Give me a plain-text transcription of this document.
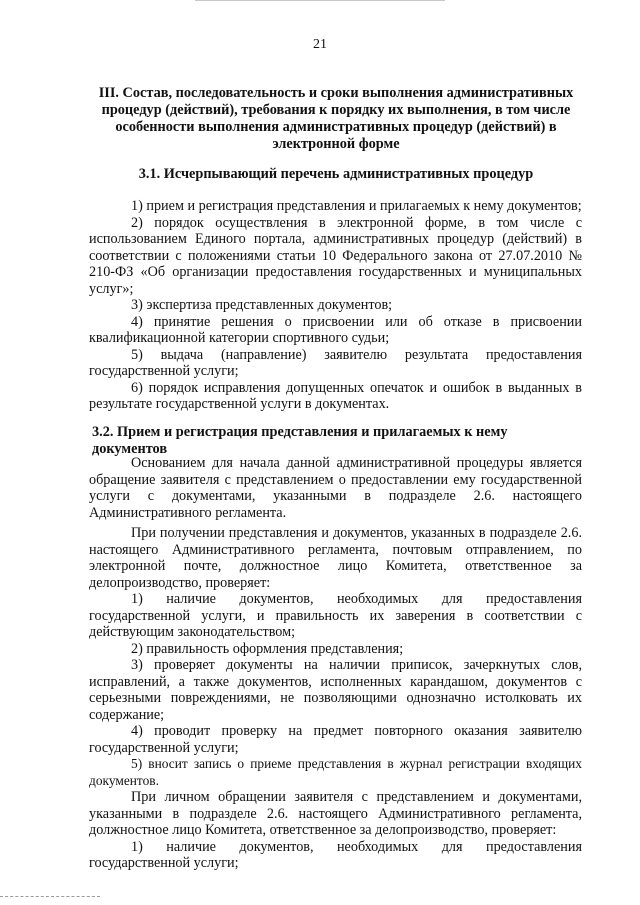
21
III. Состав, последовательность и сроки выполнения административных процедур (действий), требования к порядку их выполнения, в том числе особенности выполнения административных процедур (действий) в электронной форме
3.1. Исчерпывающий перечень административных процедур

1) прием и регистрация представления и прилагаемых к нему документов;

2) порядок осуществления в электронной форме, в том числе с использованием Единого портала, административных процедур (действий) в соответствии с положениями статьи 10 Федерального закона от 27.07.2010 № 210-ФЗ «Об организации предоставления государственных и муниципальных услуг»;

3) экспертиза представленных документов;

4) принятие решения о присвоении или об отказе в присвоении квалификационной категории спортивного судьи;

5) выдача (направление) заявителю результата предоставления государственной услуги;

6) порядок исправления допущенных опечаток и ошибок в выданных в результате государственной услуги в документах.

3.2. Прием и регистрация представления и прилагаемых к нему документов

Основанием для начала данной административной процедуры является обращение заявителя с представлением о предоставлении ему государственной услуги с документами, указанными в подразделе 2.6. настоящего Административного регламента.

При получении представления и документов, указанных в подразделе 2.6. настоящего Административного регламента, почтовым отправлением, по электронной почте, должностное лицо Комитета, ответственное за делопроизводство, проверяет:

1) наличие документов, необходимых для предоставления государственной услуги, и правильность их заверения в соответствии с действующим законодательством;

2) правильность оформления представления;

3) проверяет документы на наличии приписок, зачеркнутых слов, исправлений, а также документов, исполненных карандашом, документов с серьезными повреждениями, не позволяющими однозначно истолковать их содержание;

4) проводит проверку на предмет повторного оказания заявителю государственной услуги;

5) вносит запись о приеме представления в журнал регистрации входящих документов.

При личном обращении заявителя с представлением и документами, указанными в подразделе 2.6. настоящего Административного регламента, должностное лицо Комитета, ответственное за делопроизводство, проверяет:

1) наличие документов, необходимых для предоставления государственной услуги;
